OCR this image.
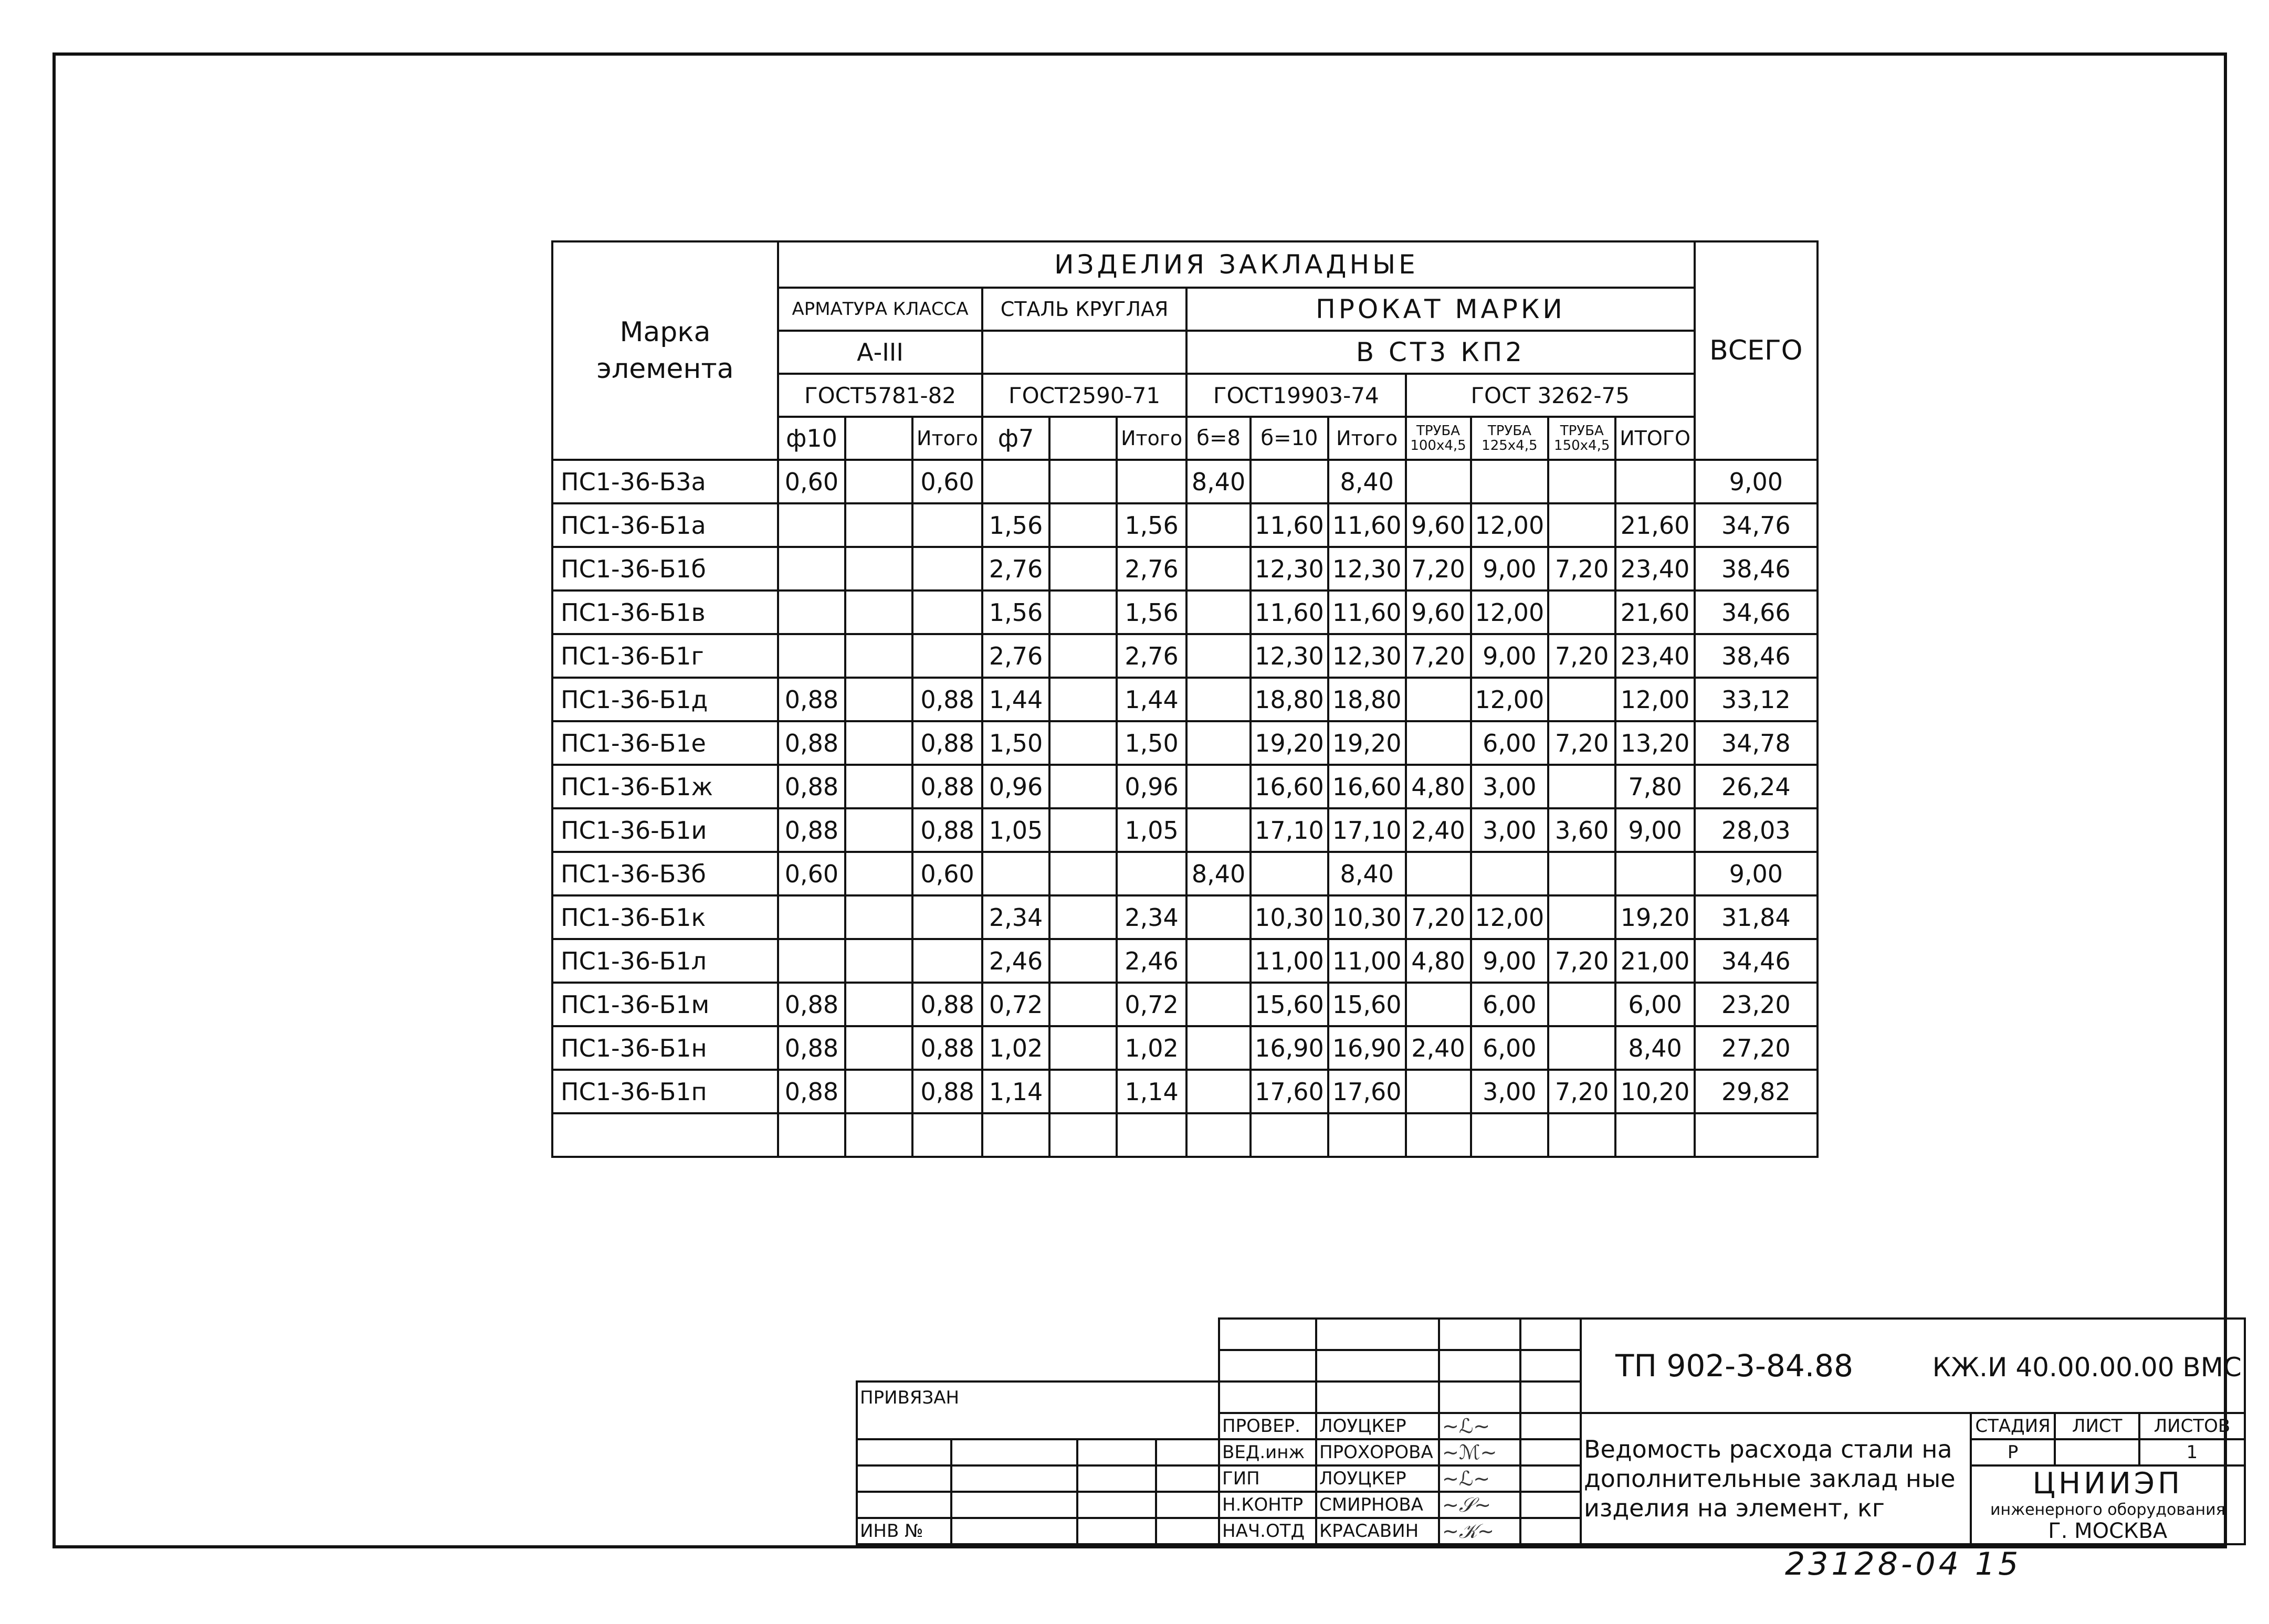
Марка элемента	ИЗДЕЛИЯ ЗАКЛАДНЫЕ													ВСЕГО
	АРМАТУРА КЛАССА			СТАЛЬ КРУГЛАЯ			ПРОКАТ МАРКИ							
	А-III						В СТ3 КП2							
	ГОСТ5781-82			ГОСТ2590-71			ГОСТ19903-74			ГОСТ 3262-75				
	ф10		Итого	ф7		Итого	б=8	б=10	Итого	ТРУБА 100х4,5	ТРУБА 125х4,5	ТРУБА 150х4,5	ИТОГО	
ПС1-36-Б3а	0,60		0,60				8,40		8,40					9,00
ПС1-36-Б1а				1,56		1,56		11,60	11,60	9,60	12,00		21,60	34,76
ПС1-36-Б1б				2,76		2,76		12,30	12,30	7,20	9,00	7,20	23,40	38,46
ПС1-36-Б1в				1,56		1,56		11,60	11,60	9,60	12,00		21,60	34,66
ПС1-36-Б1г				2,76		2,76		12,30	12,30	7,20	9,00	7,20	23,40	38,46
ПС1-36-Б1д	0,88		0,88	1,44		1,44		18,80	18,80		12,00		12,00	33,12
ПС1-36-Б1е	0,88		0,88	1,50		1,50		19,20	19,20		6,00	7,20	13,20	34,78
ПС1-36-Б1ж	0,88		0,88	0,96		0,96		16,60	16,60	4,80	3,00		7,80	26,24
ПС1-36-Б1и	0,88		0,88	1,05		1,05		17,10	17,10	2,40	3,00	3,60	9,00	28,03
ПС1-36-Б3б	0,60		0,60				8,40		8,40					9,00
ПС1-36-Б1к				2,34		2,34		10,30	10,30	7,20	12,00		19,20	31,84
ПС1-36-Б1л				2,46		2,46		11,00	11,00	4,80	9,00	7,20	21,00	34,46
ПС1-36-Б1м	0,88		0,88	0,72		0,72		15,60	15,60		6,00		6,00	23,20
ПС1-36-Б1н	0,88		0,88	1,02		1,02		16,90	16,90	2,40	6,00		8,40	27,20
ПС1-36-Б1п	0,88		0,88	1,14		1,14		17,60	17,60		3,00	7,20	10,20	29,82

								ТП 902-3-84.88 КЖ.И 40.00.00.00 ВМС			

ПРИВЯЗАН											
				ПРОВЕР.	ЛОУЦКЕР	~ℒ~		Ведомость расхода стали на дополнительные заклад ные изделия на элемент, кг	СТАДИЯ	ЛИСТ	ЛИСТОВ
				ВЕД.инж	ПРОХОРОВА	~ℳ~			Р		1
				ГИП	ЛОУЦКЕР	~ℒ~			ЦНИИЭП
инженерного оборудования
Г. МОСКВА		

				Н.КОНТР	СМИРНОВА	~𝒮~					
ИНВ №				НАЧ.ОТД	КРАСАВИН	~𝒦~					
23128-04 15
